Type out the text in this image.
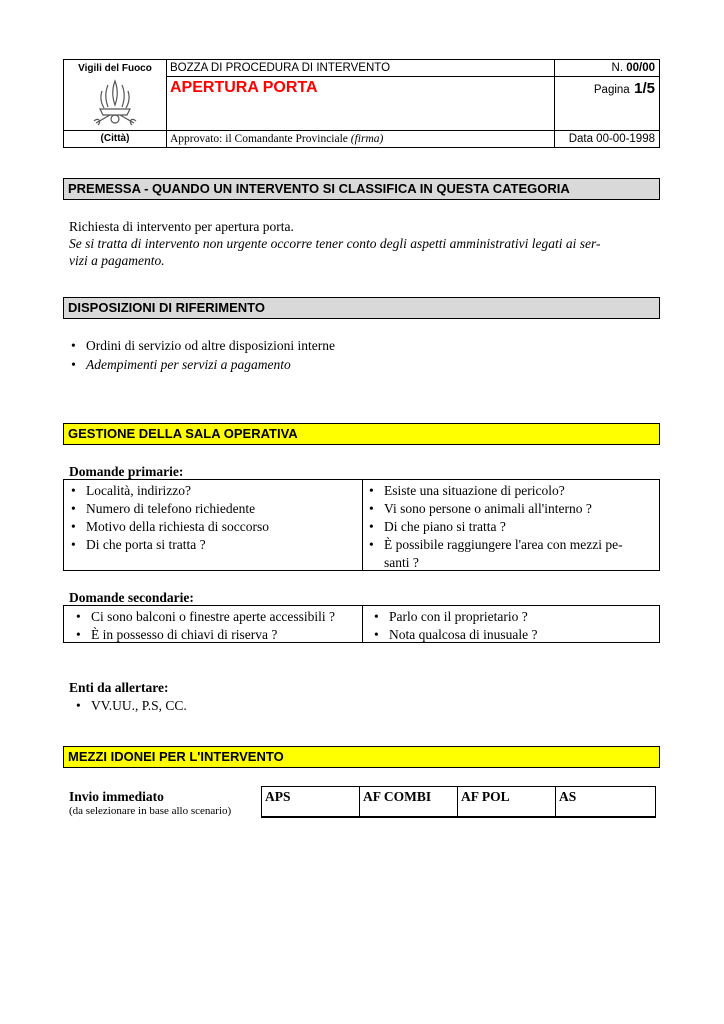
Vigili del Fuoco
(Città)
BOZZA DI PROCEDURA DI INTERVENTO	N. 00/00
APERTURA PORTA	Pagina 1/5
Approvato: il Comandante Provinciale (firma)	Data 00-00-1998
PREMESSA - QUANDO UN INTERVENTO SI CLASSIFICA IN QUESTA CATEGORIA
Richiesta di intervento per apertura porta.
Se si tratta di intervento non urgente occorre tener conto degli aspetti amministrativi legati ai ser-
vizi a pagamento.
DISPOSIZIONI DI RIFERIMENTO
• Ordini di servizio od altre disposizioni interne
• Adempimenti per servizi a pagamento
GESTIONE DELLA SALA OPERATIVA
Domande primarie:
• Località, indirizzo?
• Numero di telefono richiedente
• Motivo della richiesta di soccorso
• Di che porta si tratta ?
• Esiste una situazione di pericolo?
• Vi sono persone o animali all'interno ?
• Di che piano si tratta ?
• È possibile raggiungere l'area con mezzi pe-
santi ?
Domande secondarie:
• Ci sono balconi o finestre aperte accessibili ?
• È in possesso di chiavi di riserva ?
• Parlo con il proprietario ?
• Nota qualcosa di inusuale ?
Enti da allertare:
• VV.UU., P.S, CC.
MEZZI IDONEI PER L'INTERVENTO
Invio immediato
(da selezionare in base allo scenario)
APS	AF COMBI	AF POL	AS
